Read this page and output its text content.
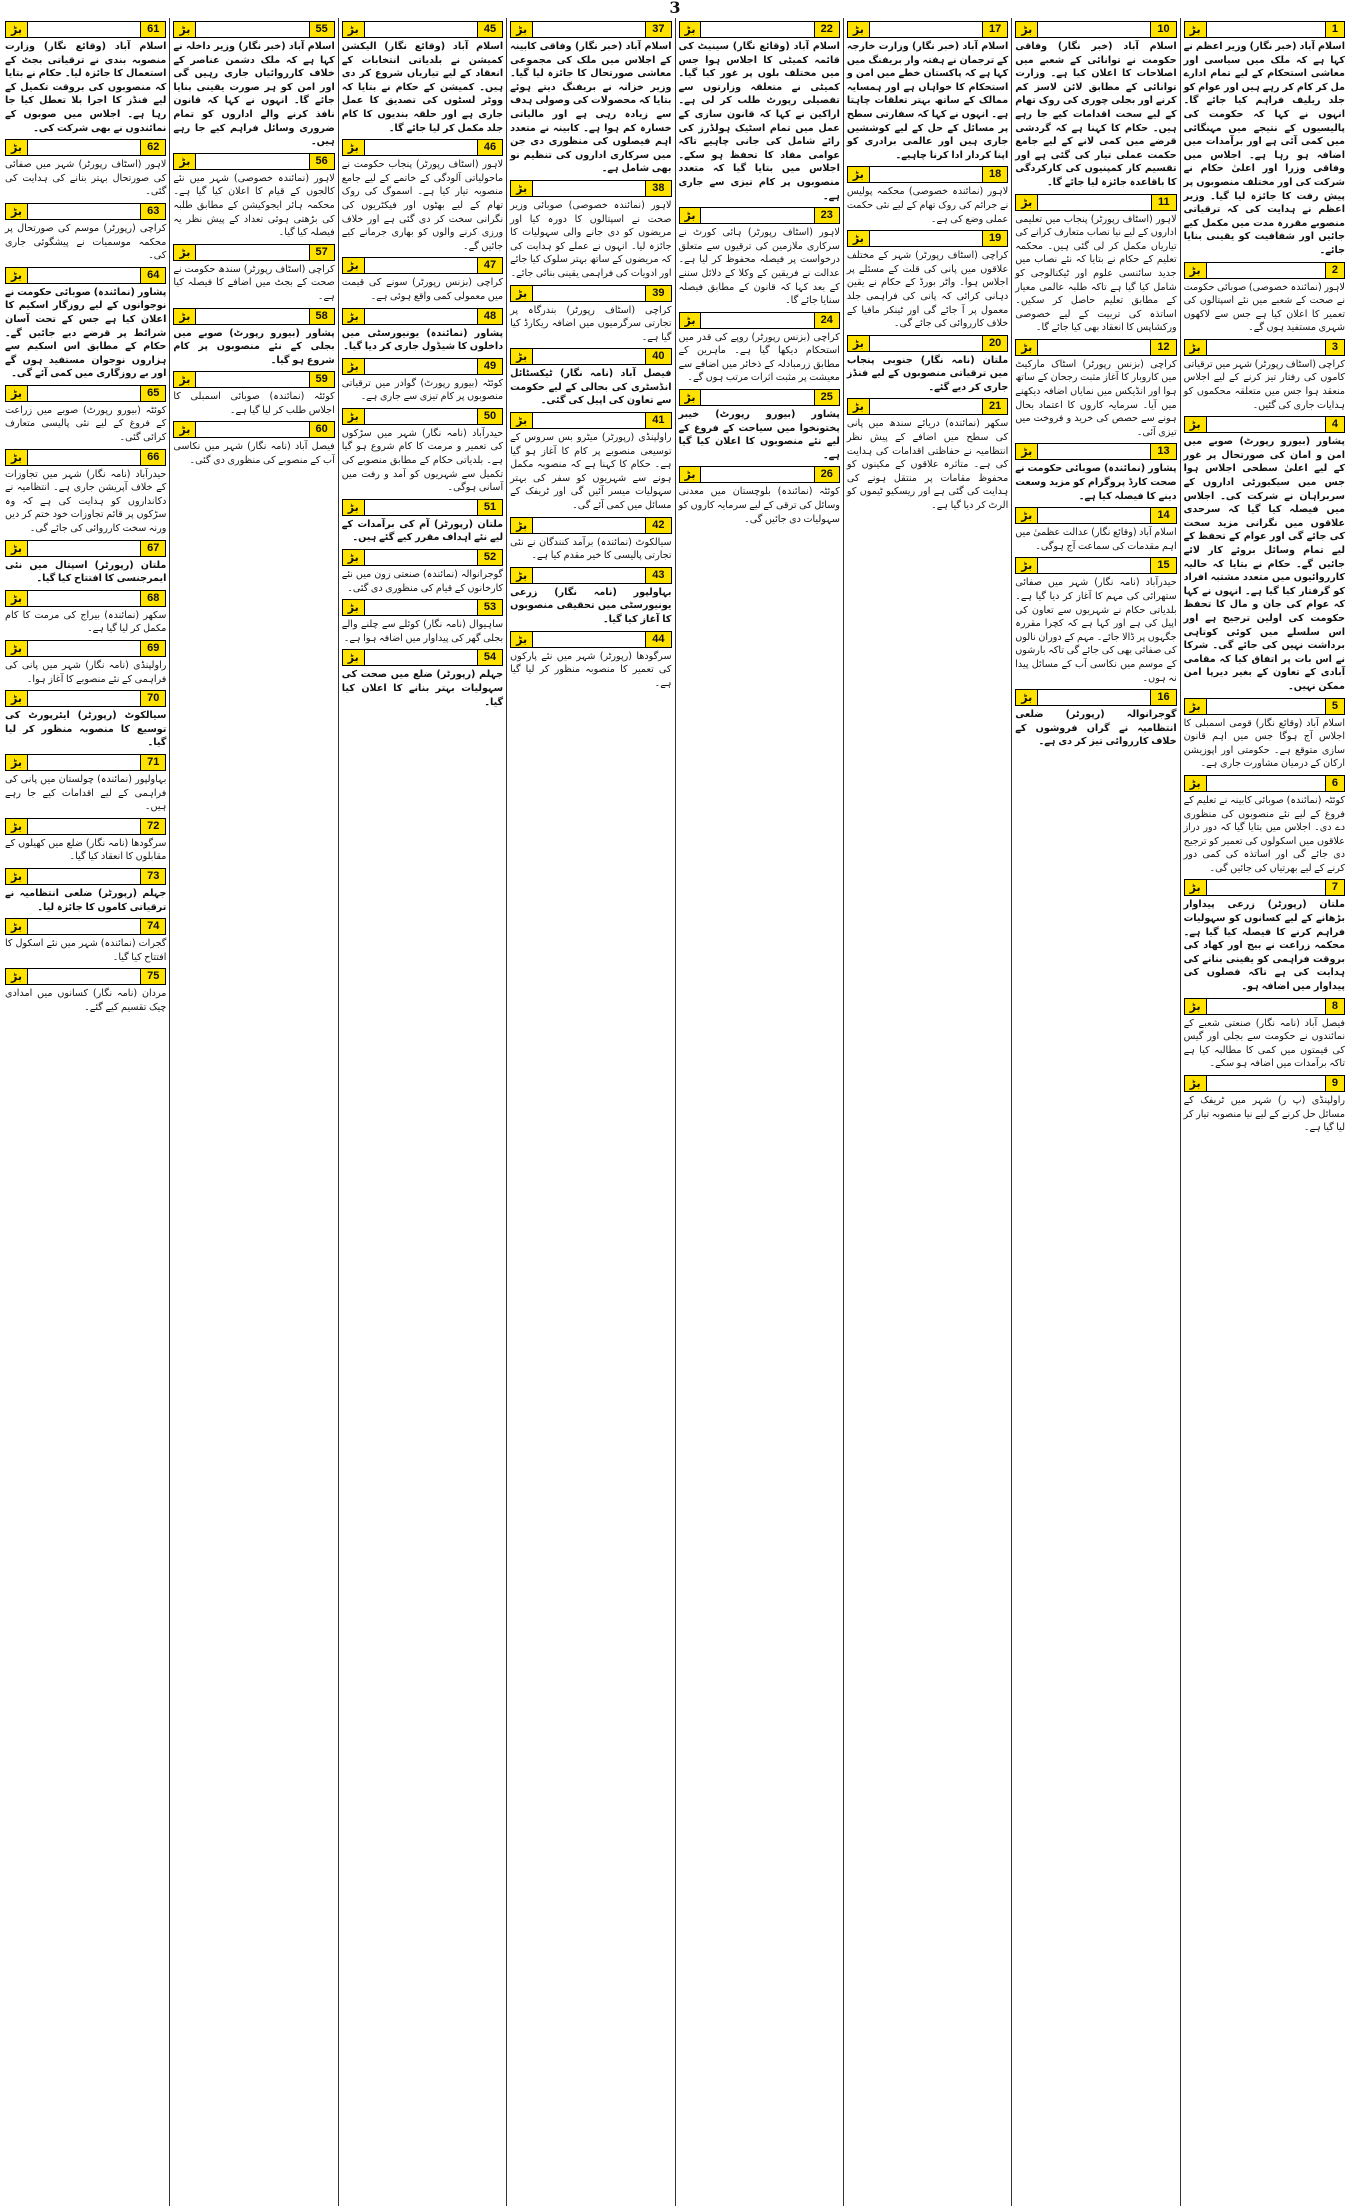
3
1
بڑ

اسلام آباد (خبر نگار) وزیر اعظم نے کہا ہے کہ ملک میں سیاسی اور معاشی استحکام کے لیے تمام ادارے مل کر کام کر رہے ہیں اور عوام کو جلد ریلیف فراہم کیا جائے گا۔ انہوں نے کہا کہ حکومت کی پالیسیوں کے نتیجے میں مہنگائی میں کمی آئی ہے اور برآمدات میں اضافہ ہو رہا ہے۔ اجلاس میں وفاقی وزرا اور اعلیٰ حکام نے شرکت کی اور مختلف منصوبوں پر پیش رفت کا جائزہ لیا گیا۔ وزیر اعظم نے ہدایت کی کہ ترقیاتی منصوبے مقررہ مدت میں مکمل کیے جائیں اور شفافیت کو یقینی بنایا جائے۔

2
بڑ

لاہور (نمائندہ خصوصی) صوبائی حکومت نے صحت کے شعبے میں نئے اسپتالوں کی تعمیر کا اعلان کیا ہے جس سے لاکھوں شہری مستفید ہوں گے۔

3
بڑ

کراچی (اسٹاف رپورٹر) شہر میں ترقیاتی کاموں کی رفتار تیز کرنے کے لیے اجلاس منعقد ہوا جس میں متعلقہ محکموں کو ہدایات جاری کی گئیں۔

4
بڑ

پشاور (بیورو رپورٹ) صوبے میں امن و امان کی صورتحال پر غور کے لیے اعلیٰ سطحی اجلاس ہوا جس میں سیکیورٹی اداروں کے سربراہان نے شرکت کی۔ اجلاس میں فیصلہ کیا گیا کہ سرحدی علاقوں میں نگرانی مزید سخت کی جائے گی اور عوام کے تحفظ کے لیے تمام وسائل بروئے کار لائے جائیں گے۔ حکام نے بتایا کہ حالیہ کارروائیوں میں متعدد مشتبہ افراد کو گرفتار کیا گیا ہے۔ انہوں نے کہا کہ عوام کی جان و مال کا تحفظ حکومت کی اولین ترجیح ہے اور اس سلسلے میں کوئی کوتاہی برداشت نہیں کی جائے گی۔ شرکا نے اس بات پر اتفاق کیا کہ مقامی آبادی کے تعاون کے بغیر دیرپا امن ممکن نہیں۔

5
بڑ

اسلام آباد (وقائع نگار) قومی اسمبلی کا اجلاس آج ہوگا جس میں اہم قانون سازی متوقع ہے۔ حکومتی اور اپوزیشن ارکان کے درمیان مشاورت جاری ہے۔

6
بڑ

کوئٹہ (نمائندہ) صوبائی کابینہ نے تعلیم کے فروغ کے لیے نئے منصوبوں کی منظوری دے دی۔ اجلاس میں بتایا گیا کہ دور دراز علاقوں میں اسکولوں کی تعمیر کو ترجیح دی جائے گی اور اساتذہ کی کمی دور کرنے کے لیے بھرتیاں کی جائیں گی۔

7
بڑ

ملتان (رپورٹر) زرعی پیداوار بڑھانے کے لیے کسانوں کو سہولیات فراہم کرنے کا فیصلہ کیا گیا ہے۔ محکمہ زراعت نے بیج اور کھاد کی بروقت فراہمی کو یقینی بنانے کی ہدایت کی ہے تاکہ فصلوں کی پیداوار میں اضافہ ہو۔

8
بڑ

فیصل آباد (نامہ نگار) صنعتی شعبے کے نمائندوں نے حکومت سے بجلی اور گیس کی قیمتوں میں کمی کا مطالبہ کیا ہے تاکہ برآمدات میں اضافہ ہو سکے۔

9
بڑ

راولپنڈی (پ ر) شہر میں ٹریفک کے مسائل حل کرنے کے لیے نیا منصوبہ تیار کر لیا گیا ہے۔

10
بڑ

اسلام آباد (خبر نگار) وفاقی حکومت نے توانائی کے شعبے میں اصلاحات کا اعلان کیا ہے۔ وزارت توانائی کے مطابق لائن لاسز کم کرنے اور بجلی چوری کی روک تھام کے لیے سخت اقدامات کیے جا رہے ہیں۔ حکام کا کہنا ہے کہ گردشی قرضے میں کمی لانے کے لیے جامع حکمت عملی تیار کی گئی ہے اور تقسیم کار کمپنیوں کی کارکردگی کا باقاعدہ جائزہ لیا جائے گا۔

11
بڑ

لاہور (اسٹاف رپورٹر) پنجاب میں تعلیمی اداروں کے لیے نیا نصاب متعارف کرانے کی تیاریاں مکمل کر لی گئی ہیں۔ محکمہ تعلیم کے حکام نے بتایا کہ نئے نصاب میں جدید سائنسی علوم اور ٹیکنالوجی کو شامل کیا گیا ہے تاکہ طلبہ عالمی معیار کے مطابق تعلیم حاصل کر سکیں۔ اساتذہ کی تربیت کے لیے خصوصی ورکشاپس کا انعقاد بھی کیا جائے گا۔

12
بڑ

کراچی (بزنس رپورٹر) اسٹاک مارکیٹ میں کاروبار کا آغاز مثبت رجحان کے ساتھ ہوا اور انڈیکس میں نمایاں اضافہ دیکھنے میں آیا۔ سرمایہ کاروں کا اعتماد بحال ہونے سے حصص کی خرید و فروخت میں تیزی آئی۔

13
بڑ

پشاور (نمائندہ) صوبائی حکومت نے صحت کارڈ پروگرام کو مزید وسعت دینے کا فیصلہ کیا ہے۔

14
بڑ

اسلام آباد (وقائع نگار) عدالت عظمیٰ میں اہم مقدمات کی سماعت آج ہوگی۔

15
بڑ

حیدرآباد (نامہ نگار) شہر میں صفائی ستھرائی کی مہم کا آغاز کر دیا گیا ہے۔ بلدیاتی حکام نے شہریوں سے تعاون کی اپیل کی ہے اور کہا ہے کہ کچرا مقررہ جگہوں پر ڈالا جائے۔ مہم کے دوران نالوں کی صفائی بھی کی جائے گی تاکہ بارشوں کے موسم میں نکاسی آب کے مسائل پیدا نہ ہوں۔

16
بڑ

گوجرانوالہ (رپورٹر) ضلعی انتظامیہ نے گراں فروشوں کے خلاف کارروائی تیز کر دی ہے۔

17
بڑ

اسلام آباد (خبر نگار) وزارت خارجہ کے ترجمان نے ہفتہ وار بریفنگ میں کہا ہے کہ پاکستان خطے میں امن و استحکام کا خواہاں ہے اور ہمسایہ ممالک کے ساتھ بہتر تعلقات چاہتا ہے۔ انہوں نے کہا کہ سفارتی سطح پر مسائل کے حل کے لیے کوششیں جاری ہیں اور عالمی برادری کو اپنا کردار ادا کرنا چاہیے۔

18
بڑ

لاہور (نمائندہ خصوصی) محکمہ پولیس نے جرائم کی روک تھام کے لیے نئی حکمت عملی وضع کی ہے۔

19
بڑ

کراچی (اسٹاف رپورٹر) شہر کے مختلف علاقوں میں پانی کی قلت کے مسئلے پر اجلاس ہوا۔ واٹر بورڈ کے حکام نے یقین دہانی کرائی کہ پانی کی فراہمی جلد معمول پر آ جائے گی اور ٹینکر مافیا کے خلاف کارروائی کی جائے گی۔

20
بڑ

ملتان (نامہ نگار) جنوبی پنجاب میں ترقیاتی منصوبوں کے لیے فنڈز جاری کر دیے گئے۔

21
بڑ

سکھر (نمائندہ) دریائے سندھ میں پانی کی سطح میں اضافے کے پیش نظر انتظامیہ نے حفاظتی اقدامات کی ہدایت کی ہے۔ متاثرہ علاقوں کے مکینوں کو محفوظ مقامات پر منتقل ہونے کی ہدایت کی گئی ہے اور ریسکیو ٹیموں کو الرٹ کر دیا گیا ہے۔

22
بڑ

اسلام آباد (وقائع نگار) سینیٹ کی قائمہ کمیٹی کا اجلاس ہوا جس میں مختلف بلوں پر غور کیا گیا۔ کمیٹی نے متعلقہ وزارتوں سے تفصیلی رپورٹ طلب کر لی ہے۔ اراکین نے کہا کہ قانون سازی کے عمل میں تمام اسٹیک ہولڈرز کی رائے شامل کی جانی چاہیے تاکہ عوامی مفاد کا تحفظ ہو سکے۔ اجلاس میں بتایا گیا کہ متعدد منصوبوں پر کام تیزی سے جاری ہے۔

23
بڑ

لاہور (اسٹاف رپورٹر) ہائی کورٹ نے سرکاری ملازمین کی ترقیوں سے متعلق درخواست پر فیصلہ محفوظ کر لیا ہے۔ عدالت نے فریقین کے وکلا کے دلائل سننے کے بعد کہا کہ قانون کے مطابق فیصلہ سنایا جائے گا۔

24
بڑ

کراچی (بزنس رپورٹر) روپے کی قدر میں استحکام دیکھا گیا ہے۔ ماہرین کے مطابق زرمبادلہ کے ذخائر میں اضافے سے معیشت پر مثبت اثرات مرتب ہوں گے۔

25
بڑ

پشاور (بیورو رپورٹ) خیبر پختونخوا میں سیاحت کے فروغ کے لیے نئے منصوبوں کا اعلان کیا گیا ہے۔

26
بڑ

کوئٹہ (نمائندہ) بلوچستان میں معدنی وسائل کی ترقی کے لیے سرمایہ کاروں کو سہولیات دی جائیں گی۔

37
بڑ

اسلام آباد (خبر نگار) وفاقی کابینہ کے اجلاس میں ملک کی مجموعی معاشی صورتحال کا جائزہ لیا گیا۔ وزیر خزانہ نے بریفنگ دیتے ہوئے بتایا کہ محصولات کی وصولی ہدف سے زیادہ رہی ہے اور مالیاتی خسارہ کم ہوا ہے۔ کابینہ نے متعدد اہم فیصلوں کی منظوری دی جن میں سرکاری اداروں کی تنظیم نو بھی شامل ہے۔

38
بڑ

لاہور (نمائندہ خصوصی) صوبائی وزیر صحت نے اسپتالوں کا دورہ کیا اور مریضوں کو دی جانے والی سہولیات کا جائزہ لیا۔ انہوں نے عملے کو ہدایت کی کہ مریضوں کے ساتھ بہتر سلوک کیا جائے اور ادویات کی فراہمی یقینی بنائی جائے۔

39
بڑ

کراچی (اسٹاف رپورٹر) بندرگاہ پر تجارتی سرگرمیوں میں اضافہ ریکارڈ کیا گیا ہے۔

40
بڑ

فیصل آباد (نامہ نگار) ٹیکسٹائل انڈسٹری کی بحالی کے لیے حکومت سے تعاون کی اپیل کی گئی۔

41
بڑ

راولپنڈی (رپورٹر) میٹرو بس سروس کے توسیعی منصوبے پر کام کا آغاز ہو گیا ہے۔ حکام کا کہنا ہے کہ منصوبہ مکمل ہونے سے شہریوں کو سفر کی بہتر سہولیات میسر آئیں گی اور ٹریفک کے مسائل میں کمی آئے گی۔

42
بڑ

سیالکوٹ (نمائندہ) برآمد کنندگان نے نئی تجارتی پالیسی کا خیر مقدم کیا ہے۔

43
بڑ

بہاولپور (نامہ نگار) زرعی یونیورسٹی میں تحقیقی منصوبوں کا آغاز کیا گیا۔

44
بڑ

سرگودھا (رپورٹر) شہر میں نئے پارکوں کی تعمیر کا منصوبہ منظور کر لیا گیا ہے۔

45
بڑ

اسلام آباد (وقائع نگار) الیکشن کمیشن نے بلدیاتی انتخابات کے انعقاد کے لیے تیاریاں شروع کر دی ہیں۔ کمیشن کے حکام نے بتایا کہ ووٹر لسٹوں کی تصدیق کا عمل جاری ہے اور حلقہ بندیوں کا کام جلد مکمل کر لیا جائے گا۔

46
بڑ

لاہور (اسٹاف رپورٹر) پنجاب حکومت نے ماحولیاتی آلودگی کے خاتمے کے لیے جامع منصوبہ تیار کیا ہے۔ اسموگ کی روک تھام کے لیے بھٹوں اور فیکٹریوں کی نگرانی سخت کر دی گئی ہے اور خلاف ورزی کرنے والوں کو بھاری جرمانے کیے جائیں گے۔

47
بڑ

کراچی (بزنس رپورٹر) سونے کی قیمت میں معمولی کمی واقع ہوئی ہے۔

48
بڑ

پشاور (نمائندہ) یونیورسٹی میں داخلوں کا شیڈول جاری کر دیا گیا۔

49
بڑ

کوئٹہ (بیورو رپورٹ) گوادر میں ترقیاتی منصوبوں پر کام تیزی سے جاری ہے۔

50
بڑ

حیدرآباد (نامہ نگار) شہر میں سڑکوں کی تعمیر و مرمت کا کام شروع ہو گیا ہے۔ بلدیاتی حکام کے مطابق منصوبے کی تکمیل سے شہریوں کو آمد و رفت میں آسانی ہوگی۔

51
بڑ

ملتان (رپورٹر) آم کی برآمدات کے لیے نئے اہداف مقرر کیے گئے ہیں۔

52
بڑ

گوجرانوالہ (نمائندہ) صنعتی زون میں نئے کارخانوں کے قیام کی منظوری دی گئی۔

53
بڑ

ساہیوال (نامہ نگار) کوئلے سے چلنے والے بجلی گھر کی پیداوار میں اضافہ ہوا ہے۔

54
بڑ

جہلم (رپورٹر) ضلع میں صحت کی سہولیات بہتر بنانے کا اعلان کیا گیا۔

55
بڑ

اسلام آباد (خبر نگار) وزیر داخلہ نے کہا ہے کہ ملک دشمن عناصر کے خلاف کارروائیاں جاری رہیں گی اور امن کو ہر صورت یقینی بنایا جائے گا۔ انہوں نے کہا کہ قانون نافذ کرنے والے اداروں کو تمام ضروری وسائل فراہم کیے جا رہے ہیں۔

56
بڑ

لاہور (نمائندہ خصوصی) شہر میں نئے کالجوں کے قیام کا اعلان کیا گیا ہے۔ محکمہ ہائر ایجوکیشن کے مطابق طلبہ کی بڑھتی ہوئی تعداد کے پیش نظر یہ فیصلہ کیا گیا۔

57
بڑ

کراچی (اسٹاف رپورٹر) سندھ حکومت نے صحت کے بجٹ میں اضافے کا فیصلہ کیا ہے۔

58
بڑ

پشاور (بیورو رپورٹ) صوبے میں بجلی کے نئے منصوبوں پر کام شروع ہو گیا۔

59
بڑ

کوئٹہ (نمائندہ) صوبائی اسمبلی کا اجلاس طلب کر لیا گیا ہے۔

60
بڑ

فیصل آباد (نامہ نگار) شہر میں نکاسی آب کے منصوبے کی منظوری دی گئی۔

61
بڑ

اسلام آباد (وقائع نگار) وزارت منصوبہ بندی نے ترقیاتی بجٹ کے استعمال کا جائزہ لیا۔ حکام نے بتایا کہ منصوبوں کی بروقت تکمیل کے لیے فنڈز کا اجرا بلا تعطل کیا جا رہا ہے۔ اجلاس میں صوبوں کے نمائندوں نے بھی شرکت کی۔

62
بڑ

لاہور (اسٹاف رپورٹر) شہر میں صفائی کی صورتحال بہتر بنانے کی ہدایت کی گئی۔

63
بڑ

کراچی (رپورٹر) موسم کی صورتحال پر محکمہ موسمیات نے پیشگوئی جاری کی۔

64
بڑ

پشاور (نمائندہ) صوبائی حکومت نے نوجوانوں کے لیے روزگار اسکیم کا اعلان کیا ہے جس کے تحت آسان شرائط پر قرضے دیے جائیں گے۔ حکام کے مطابق اس اسکیم سے ہزاروں نوجوان مستفید ہوں گے اور بے روزگاری میں کمی آئے گی۔

65
بڑ

کوئٹہ (بیورو رپورٹ) صوبے میں زراعت کے فروغ کے لیے نئی پالیسی متعارف کرائی گئی۔

66
بڑ

حیدرآباد (نامہ نگار) شہر میں تجاوزات کے خلاف آپریشن جاری ہے۔ انتظامیہ نے دکانداروں کو ہدایت کی ہے کہ وہ سڑکوں پر قائم تجاوزات خود ختم کر دیں ورنہ سخت کارروائی کی جائے گی۔

67
بڑ

ملتان (رپورٹر) اسپتال میں نئی ایمرجنسی کا افتتاح کیا گیا۔

68
بڑ

سکھر (نمائندہ) بیراج کی مرمت کا کام مکمل کر لیا گیا ہے۔

69
بڑ

راولپنڈی (نامہ نگار) شہر میں پانی کی فراہمی کے نئے منصوبے کا آغاز ہوا۔

70
بڑ

سیالکوٹ (رپورٹر) ایئرپورٹ کی توسیع کا منصوبہ منظور کر لیا گیا۔

71
بڑ

بہاولپور (نمائندہ) چولستان میں پانی کی فراہمی کے لیے اقدامات کیے جا رہے ہیں۔

72
بڑ

سرگودھا (نامہ نگار) ضلع میں کھیلوں کے مقابلوں کا انعقاد کیا گیا۔

73
بڑ

جہلم (رپورٹر) ضلعی انتظامیہ نے ترقیاتی کاموں کا جائزہ لیا۔

74
بڑ

گجرات (نمائندہ) شہر میں نئے اسکول کا افتتاح کیا گیا۔

75
بڑ

مردان (نامہ نگار) کسانوں میں امدادی چیک تقسیم کیے گئے۔
